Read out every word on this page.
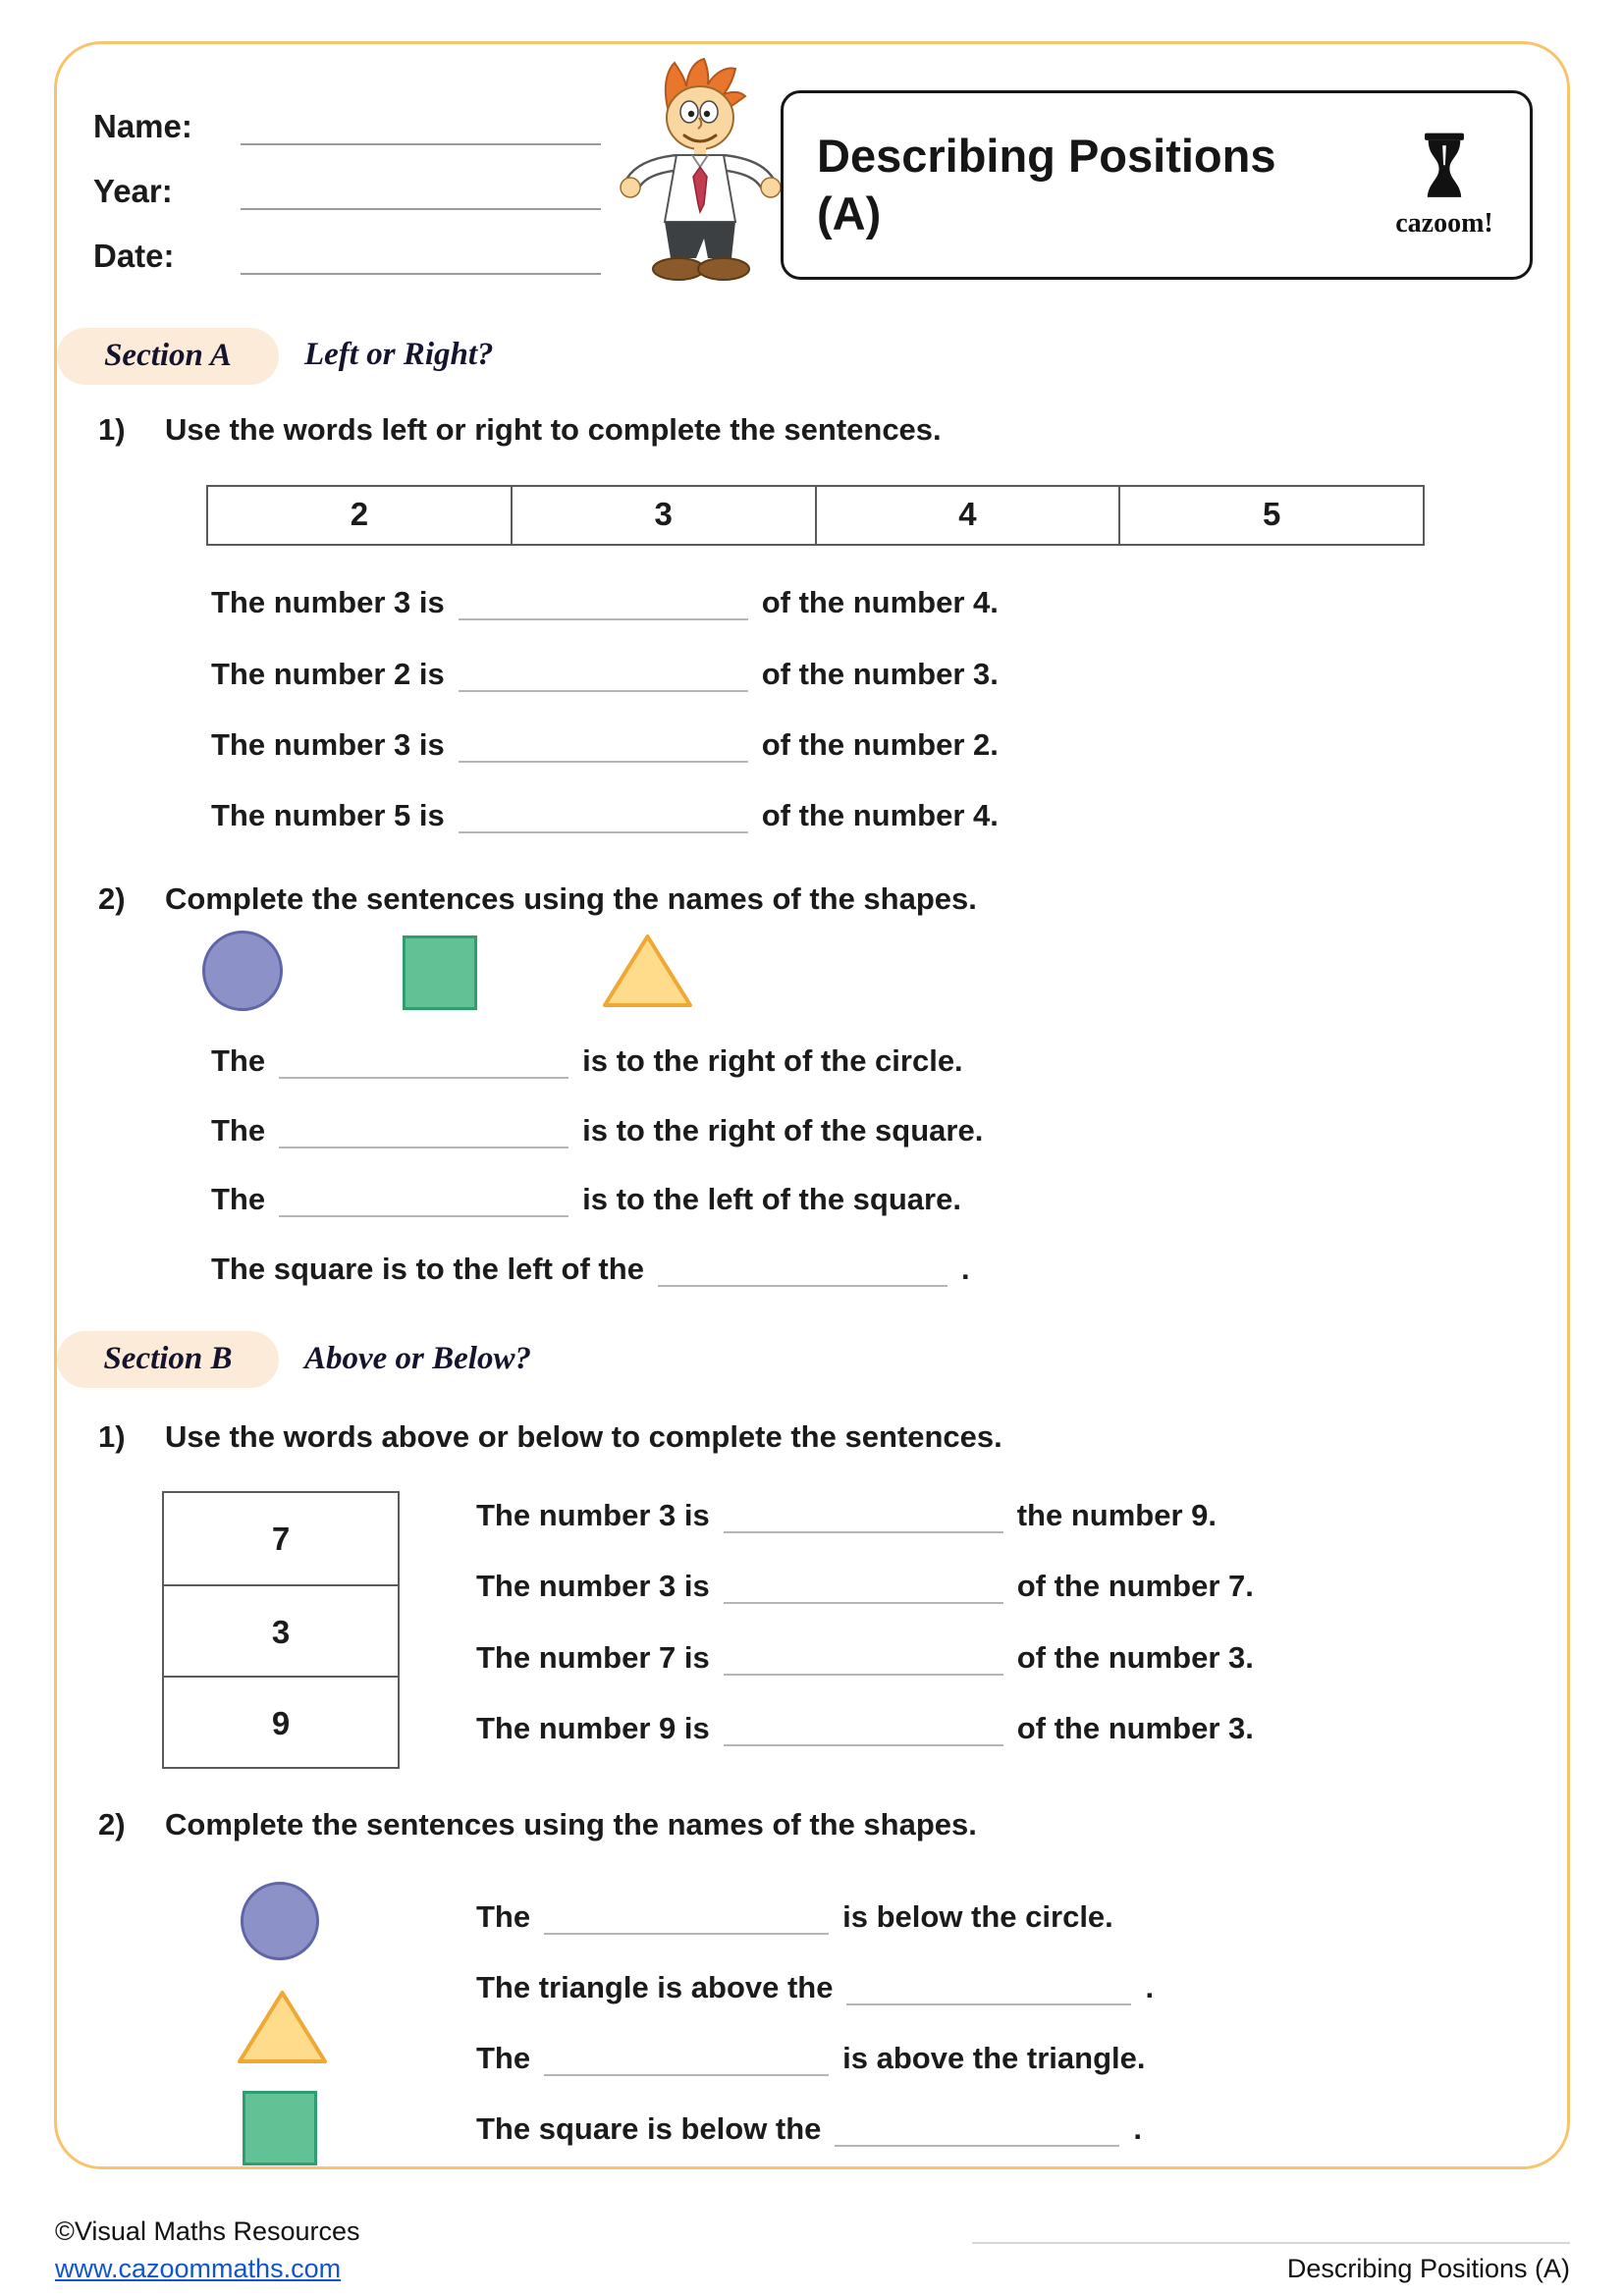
Name:
Year:
Date:
Describing Positions
(A)	cazoom!
Section A	Left or Right?
1) Use the words left or right to complete the sentences.
2	3	4	5
The number 3 is	of the number 4.
The number 2 is	of the number 3.
The number 3 is	of the number 2.
The number 5 is	of the number 4.
2) Complete the sentences using the names of the shapes.
The	is to the right of the circle.
The	is to the right of the square.
The	is to the left of the square.
The square is to the left of the	.
Section B	Above or Below?
1) Use the words above or below to complete the sentences.
7
3
9
The number 3 is	the number 9.
The number 3 is	of the number 7.
The number 7 is	of the number 3.
The number 9 is	of the number 3.
2) Complete the sentences using the names of the shapes.
The	is below the circle.
The triangle is above the	.
The	is above the triangle.
The square is below the	.
©Visual Maths Resources
www.cazoommaths.com	Describing Positions (A)
